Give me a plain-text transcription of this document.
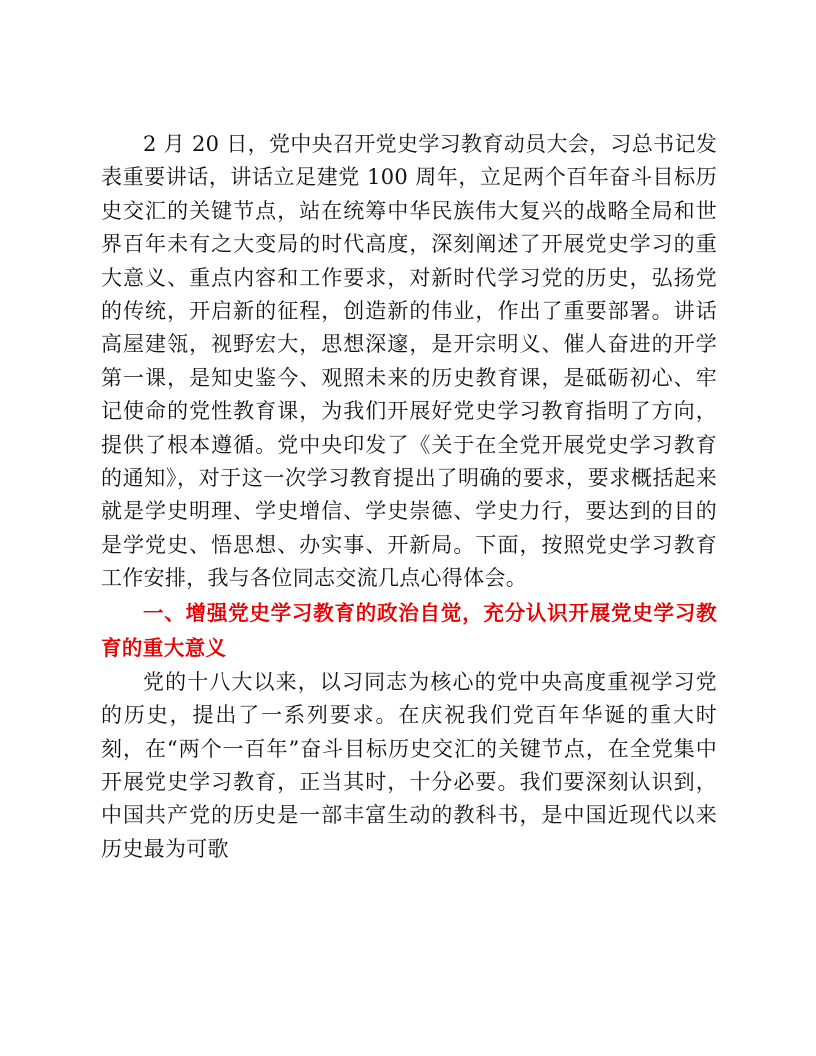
2 月 20 日，党中央召开党史学习教育动员大会，习总书记发表重要讲话，讲话立足建党 100 周年，立足两个百年奋斗目标历史交汇的关键节点，站在统筹中华民族伟大复兴的战略全局和世界百年未有之大变局的时代高度，深刻阐述了开展党史学习的重大意义、重点内容和工作要求，对新时代学习党的历史，弘扬党的传统，开启新的征程，创造新的伟业，作出了重要部署。讲话高屋建瓴，视野宏大，思想深邃，是开宗明义、催人奋进的开学第一课，是知史鉴今、观照未来的历史教育课，是砥砺初心、牢记使命的党性教育课，为我们开展好党史学习教育指明了方向，提供了根本遵循。党中央印发了《关于在全党开展党史学习教育的通知》，对于这一次学习教育提出了明确的要求，要求概括起来就是学史明理、学史增信、学史崇德、学史力行，要达到的目的是学党史、悟思想、办实事、开新局。下面，按照党史学习教育工作安排，我与各位同志交流几点心得体会。

一、增强党史学习教育的政治自觉，充分认识开展党史学习教育的重大意义

党的十八大以来，以习同志为核心的党中央高度重视学习党的历史，提出了一系列要求。在庆祝我们党百年华诞的重大时刻，在“两个一百年”奋斗目标历史交汇的关键节点，在全党集中开展党史学习教育，正当其时，十分必要。我们要深刻认识到，中国共产党的历史是一部丰富生动的教科书，是中国近现代以来历史最为可歌
